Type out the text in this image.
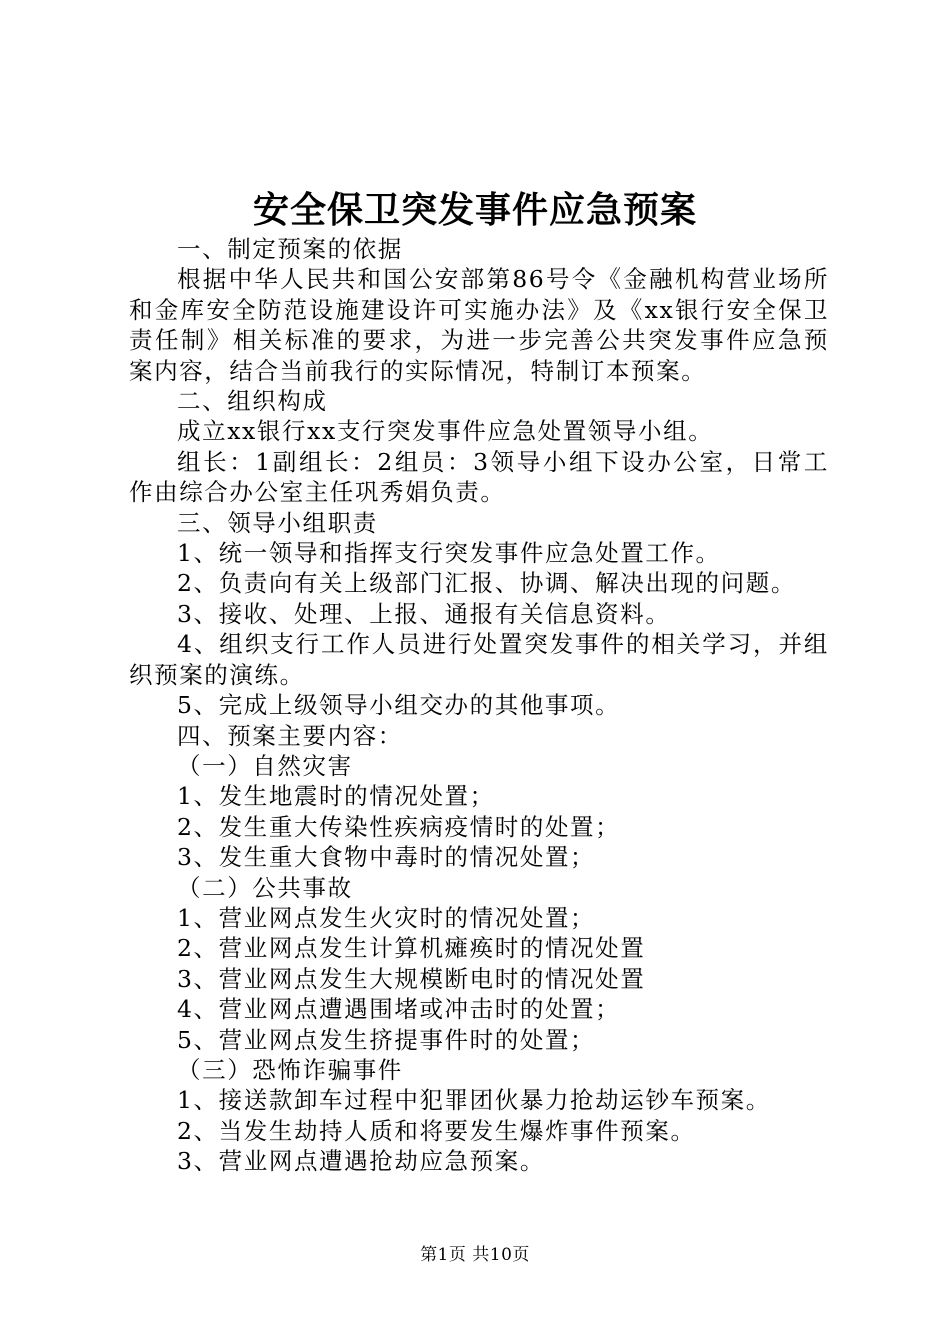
安全保卫突发事件应急预案

一、制定预案的依据

根据中华人民共和国公安部第86号令《金融机构营业场所和金库安全防范设施建设许可实施办法》及《xx银行安全保卫责任制》相关标准的要求，为进一步完善公共突发事件应急预案内容，结合当前我行的实际情况，特制订本预案。

二、组织构成

成立xx银行xx支行突发事件应急处置领导小组。

组长：1副组长：2组员：3领导小组下设办公室，日常工作由综合办公室主任巩秀娟负责。

三、领导小组职责

1、统一领导和指挥支行突发事件应急处置工作。

2、负责向有关上级部门汇报、协调、解决出现的问题。

3、接收、处理、上报、通报有关信息资料。

4、组织支行工作人员进行处置突发事件的相关学习，并组织预案的演练。

5、完成上级领导小组交办的其他事项。

四、预案主要内容：

（一）自然灾害

1、发生地震时的情况处置；

2、发生重大传染性疾病疫情时的处置；

3、发生重大食物中毒时的情况处置；

（二）公共事故

1、营业网点发生火灾时的情况处置；

2、营业网点发生计算机瘫痪时的情况处置

3、营业网点发生大规模断电时的情况处置

4、营业网点遭遇围堵或冲击时的处置；

5、营业网点发生挤提事件时的处置；

（三）恐怖诈骗事件

1、接送款卸车过程中犯罪团伙暴力抢劫运钞车预案。

2、当发生劫持人质和将要发生爆炸事件预案。

3、营业网点遭遇抢劫应急预案。

第1页 共10页
